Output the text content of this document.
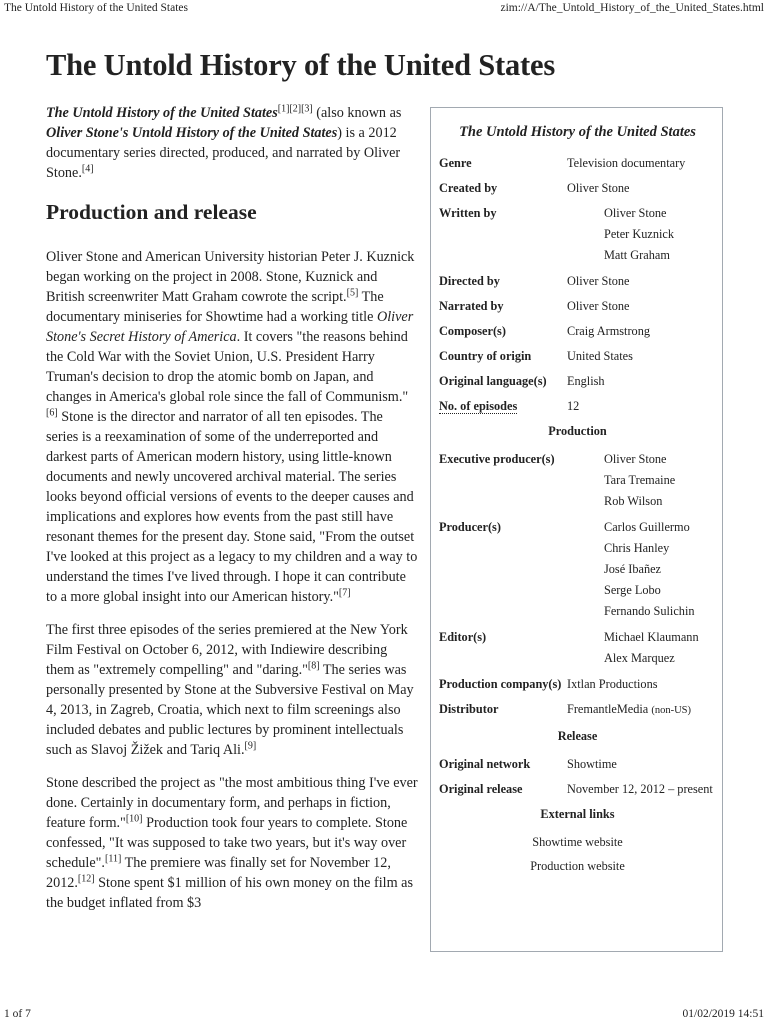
The Untold History of the United States	zim://A/The_Untold_History_of_the_United_States.html
The Untold History of the United States

The Untold History of the United States[1][2][3] (also known as Oliver Stone's Untold History of the United States) is a 2012 documentary series directed, produced, and narrated by Oliver Stone.[4]

Production and release

Oliver Stone and American University historian Peter J. Kuznick began working on the project in 2008. Stone, Kuznick and British screenwriter Matt Graham cowrote the script.[5] The documentary miniseries for Showtime had a working title Oliver Stone's Secret History of America. It covers "the reasons behind the Cold War with the Soviet Union, U.S. President Harry Truman's decision to drop the atomic bomb on Japan, and changes in America's global role since the fall of Communism."[6] Stone is the director and narrator of all ten episodes. The series is a reexamination of some of the underreported and darkest parts of American modern history, using little-known documents and newly uncovered archival material. The series looks beyond official versions of events to the deeper causes and implications and explores how events from the past still have resonant themes for the present day. Stone said, "From the outset I've looked at this project as a legacy to my children and a way to understand the times I've lived through. I hope it can contribute to a more global insight into our American history."[7]

The first three episodes of the series premiered at the New York Film Festival on October 6, 2012, with Indiewire describing them as "extremely compelling" and "daring."[8] The series was personally presented by Stone at the Subversive Festival on May 4, 2013, in Zagreb, Croatia, which next to film screenings also included debates and public lectures by prominent intellectuals such as Slavoj Žižek and Tariq Ali.[9]

Stone described the project as "the most ambitious thing I've ever done. Certainly in documentary form, and perhaps in fiction, feature form."[10] Production took four years to complete. Stone confessed, "It was supposed to take two years, but it's way over schedule".[11] The premiere was finally set for November 12, 2012.[12] Stone spent $1 million of his own money on the film as the budget inflated from $3

The Untold History of the United States
Genre	Television documentary
Created by	Oliver Stone
Written by	Oliver Stone
Peter Kuznick
Matt Graham
Directed by	Oliver Stone
Narrated by	Oliver Stone
Composer(s)	Craig Armstrong
Country of origin	United States
Original language(s)	English
No. of episodes	12
Production
Executive producer(s)	Oliver Stone
Tara Tremaine
Rob Wilson
Producer(s)	Carlos Guillermo
Chris Hanley
José Ibañez
Serge Lobo
Fernando Sulichin
Editor(s)	Michael Klaumann
Alex Marquez
Production company(s) Ixtlan Productions
Distributor	FremantleMedia (non-US)
Release
Original network	Showtime
Original release	November 12, 2012 – present
External links
Showtime website
Production website
1 of 7	01/02/2019 14:51
